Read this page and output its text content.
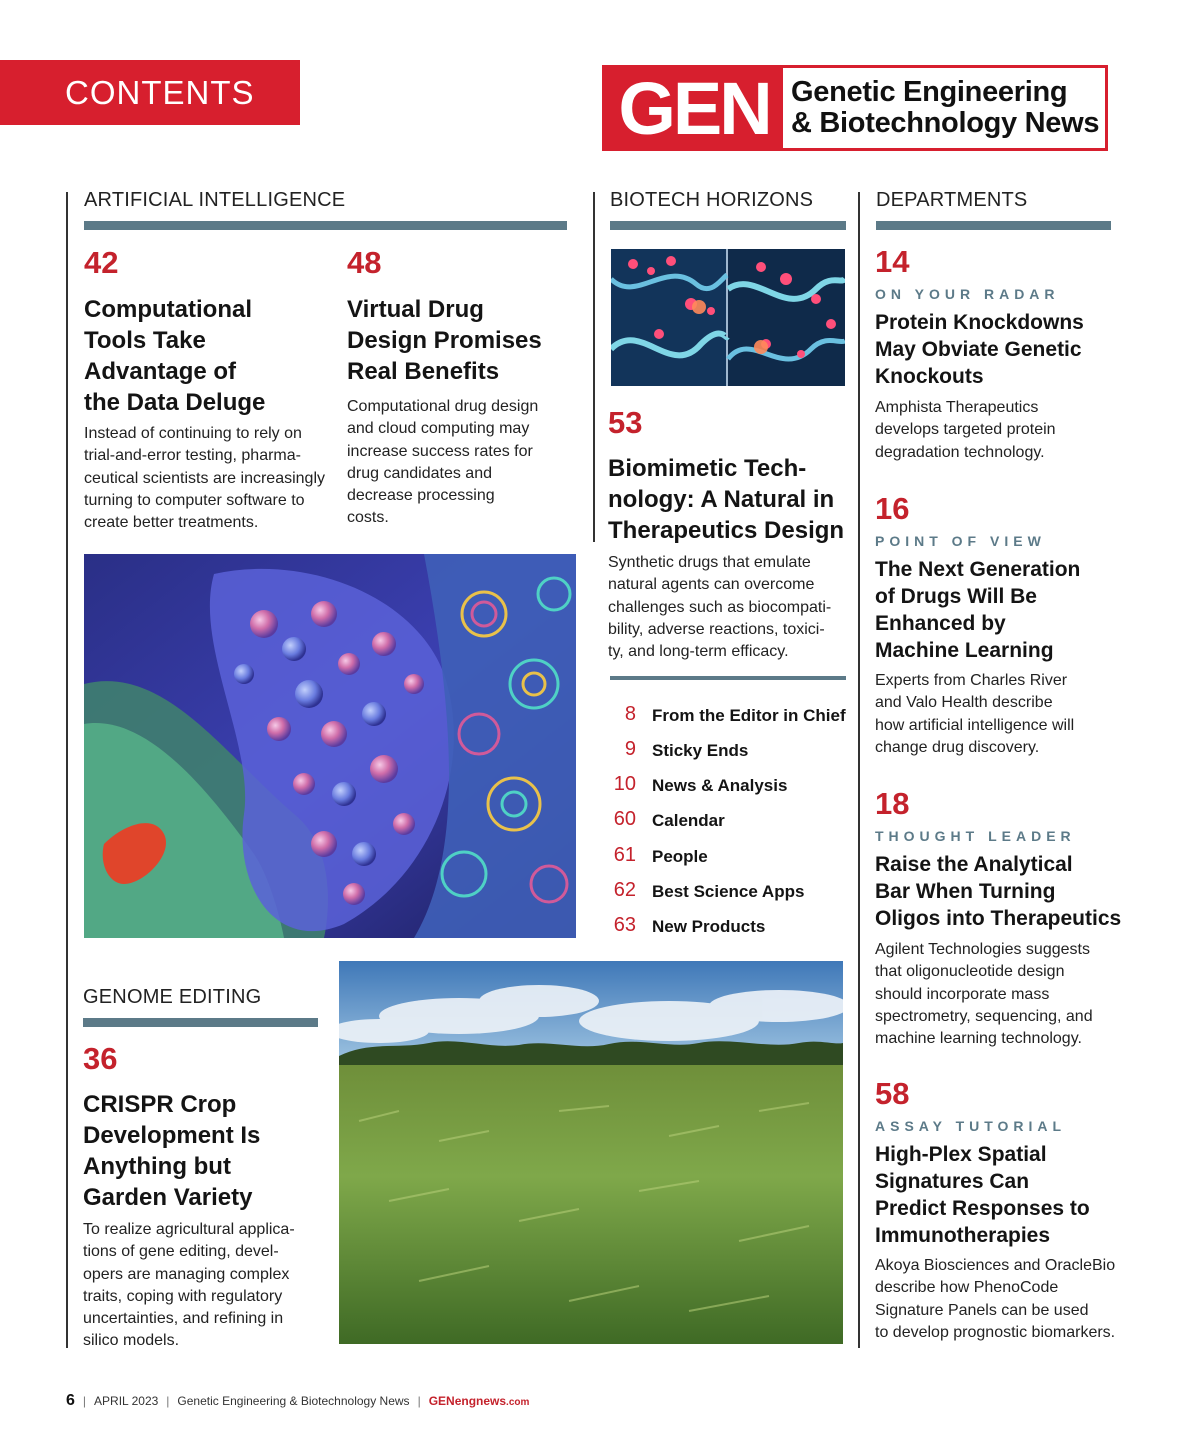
CONTENTS	GEN Genetic Engineering
& Biotechnology News
ARTIFICIAL INTELLIGENCE
42
Computational
Tools Take
Advantage of
the Data Deluge
Instead of continuing to rely on
trial-and-error testing, pharma-
ceutical scientists are increasingly
turning to computer software to
create better treatments.
48
Virtual Drug
Design Promises
Real Benefits
Computational drug design
and cloud computing may
increase success rates for
drug candidates and
decrease processing
costs.
BIOTECH HORIZONS
53
Biomimetic Tech-
nology: A Natural in
Therapeutics Design
Synthetic drugs that emulate
natural agents can overcome
challenges such as biocompati-
bility, adverse reactions, toxici-
ty, and long-term efficacy.
8 From the Editor in Chief
9 Sticky Ends
10 News & Analysis
60 Calendar
61 People
62 Best Science Apps
63 New Products
GENOME EDITING
36
CRISPR Crop
Development Is
Anything but
Garden Variety
To realize agricultural applica-
tions of gene editing, devel-
opers are managing complex
traits, coping with regulatory
uncertainties, and refining in
silico models.
DEPARTMENTS
14
ON YOUR RADAR
Protein Knockdowns
May Obviate Genetic
Knockouts
Amphista Therapeutics
develops targeted protein
degradation technology.
16
POINT OF VIEW
The Next Generation
of Drugs Will Be
Enhanced by
Machine Learning
Experts from Charles River
and Valo Health describe
how artificial intelligence will
change drug discovery.
18
THOUGHT LEADER
Raise the Analytical
Bar When Turning
Oligos into Therapeutics
Agilent Technologies suggests
that oligonucleotide design
should incorporate mass
spectrometry, sequencing, and
machine learning technology.
58
ASSAY TUTORIAL
High-Plex Spatial
Signatures Can
Predict Responses to
Immunotherapies
Akoya Biosciences and OracleBio
describe how PhenoCode
Signature Panels can be used
to develop prognostic biomarkers.
6 | APRIL 2023 | Genetic Engineering & Biotechnology News | GENengnews.com
